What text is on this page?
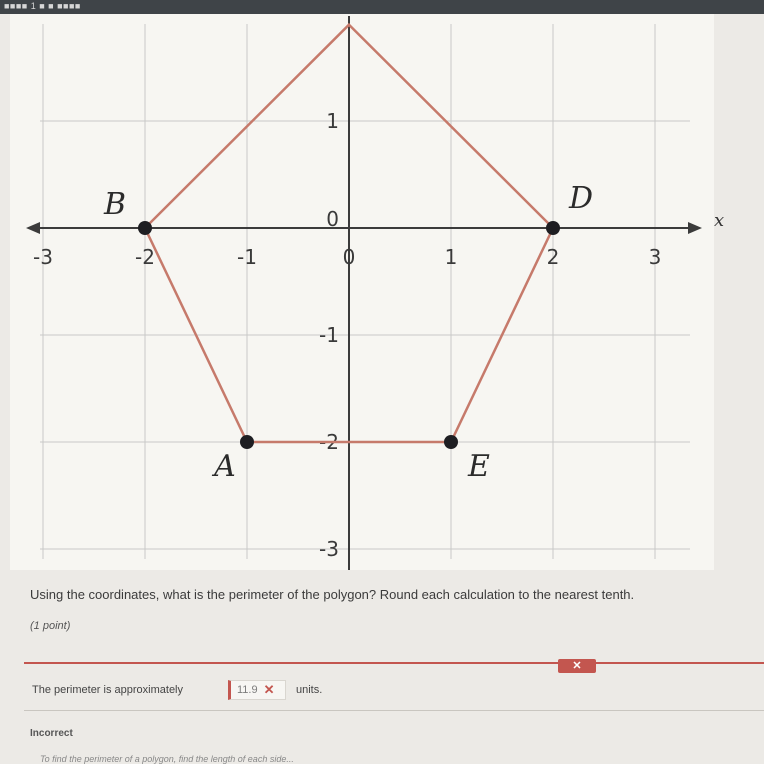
■■■■ 1 ■ ■ ■■■■
x
-3	-2	-1	0	1	2	3
1
0
-1
-2
-3
D
E
A
B
Using the coordinates, what is the perimeter of the polygon? Round each calculation to the nearest tenth.
(1 point)
✕
The perimeter is approximately	11.9 ✕ units.
Incorrect
To find the perimeter of a polygon, find the length of each side...
